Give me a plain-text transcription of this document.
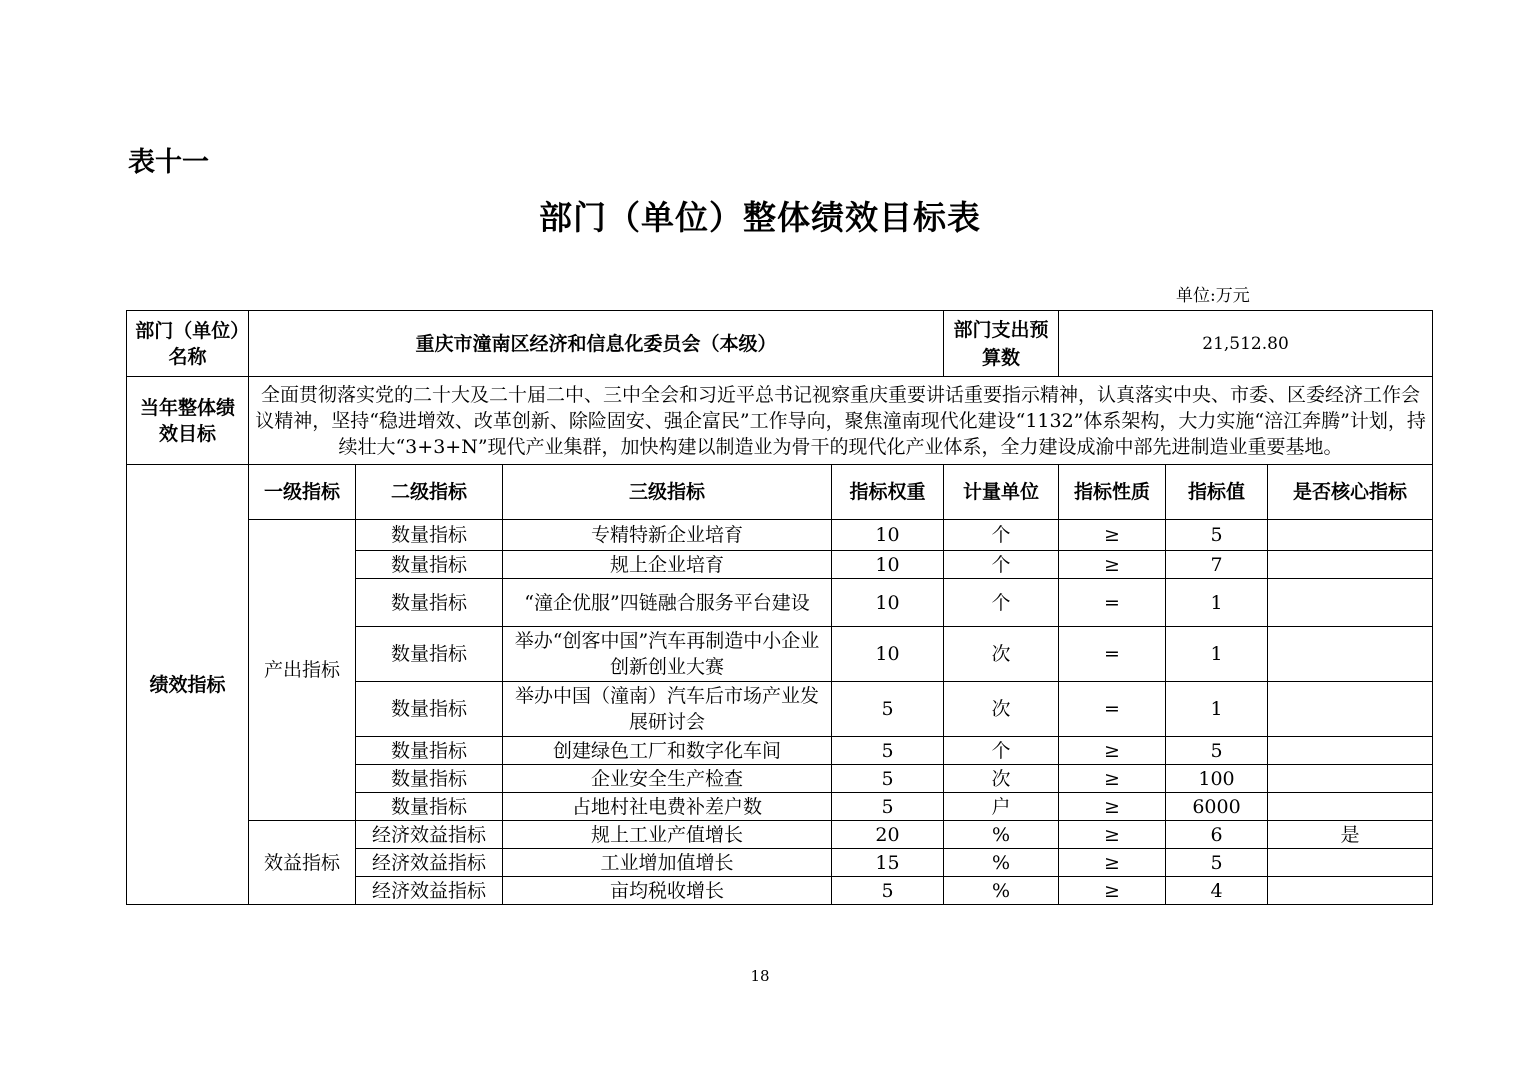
表十一
部门（单位）整体绩效目标表
单位:万元
部门（单位）名称	重庆市潼南区经济和信息化委员会（本级）				部门支出预算数	21,512.80		
当年整体绩效目标	全面贯彻落实党的二十大及二十届二中、三中全会和习近平总书记视察重庆重要讲话重要指示精神，认真落实中央、市委、区委经济工作会议精神，坚持“稳进增效、改革创新、除险固安、强企富民”工作导向，聚焦潼南现代化建设“1132”体系架构，大力实施“涪江奔腾”计划，持续壮大“3+3+N”现代产业集群，加快构建以制造业为骨干的现代化产业体系，全力建设成渝中部先进制造业重要基地。							
绩效指标	一级指标	二级指标	三级指标	指标权重	计量单位	指标性质	指标值	是否核心指标
	产出指标	数量指标	专精特新企业培育	10	个	≥	5	
		数量指标	规上企业培育	10	个	≥	7	
		数量指标	“潼企优服”四链融合服务平台建设	10	个	=	1	
		数量指标	举办“创客中国”汽车再制造中小企业创新创业大赛	10	次	=	1	
		数量指标	举办中国（潼南）汽车后市场产业发展研讨会	5	次	=	1	
		数量指标	创建绿色工厂和数字化车间	5	个	≥	5	
		数量指标	企业安全生产检查	5	次	≥	100	
		数量指标	占地村社电费补差户数	5	户	≥	6000	
	效益指标	经济效益指标	规上工业产值增长	20	%	≥	6	是
		经济效益指标	工业增加值增长	15	%	≥	5	
		经济效益指标	亩均税收增长	5	%	≥	4	
18
